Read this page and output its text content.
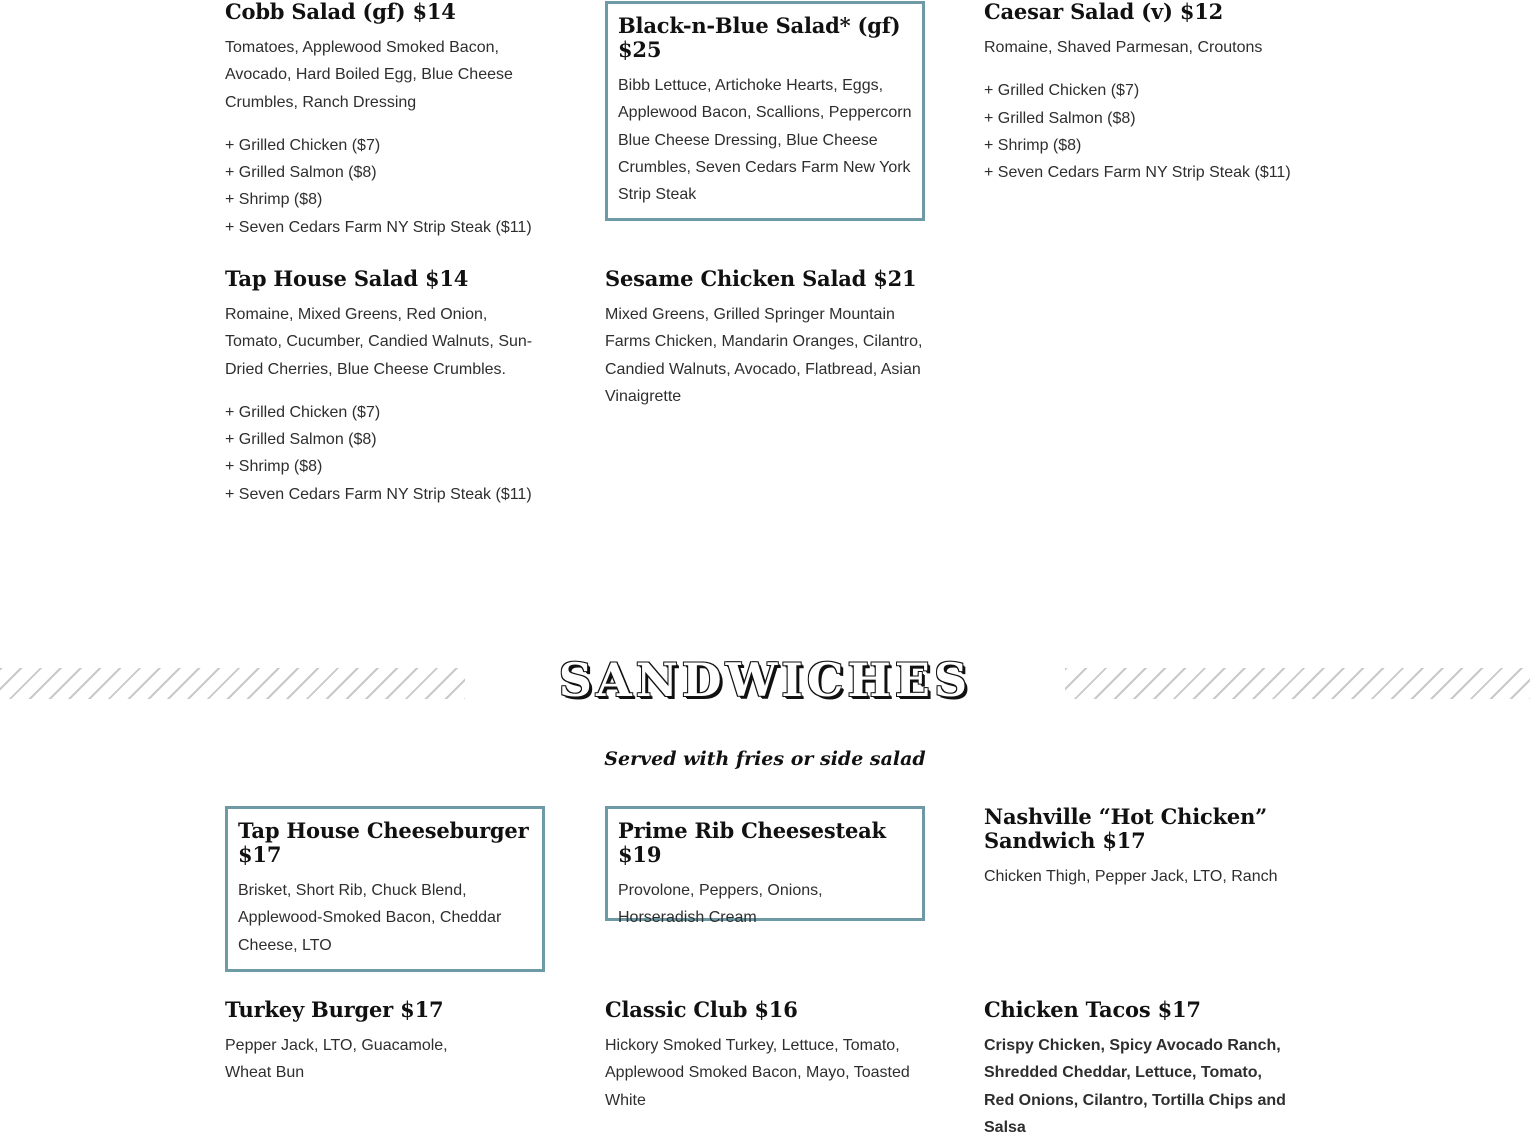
Cobb Salad (gf) $14

Tomatoes, Applewood Smoked Bacon, Avocado, Hard Boiled Egg, Blue Cheese Crumbles, Ranch Dressing

+ Grilled Chicken ($7)
+ Grilled Salmon ($8)
+ Shrimp ($8)
+ Seven Cedars Farm NY Strip Steak ($11)
Black-n-Blue Salad* (gf) $25

Bibb Lettuce, Artichoke Hearts, Eggs, Applewood Bacon, Scallions, Peppercorn Blue Cheese Dressing, Blue Cheese Crumbles, Seven Cedars Farm New York Strip Steak

Caesar Salad (v) $12

Romaine, Shaved Parmesan, Croutons

+ Grilled Chicken ($7)
+ Grilled Salmon ($8)
+ Shrimp ($8)
+ Seven Cedars Farm NY Strip Steak ($11)
Tap House Salad $14

Romaine, Mixed Greens, Red Onion, Tomato, Cucumber, Candied Walnuts, Sun-Dried Cherries, Blue Cheese Crumbles.

+ Grilled Chicken ($7)
+ Grilled Salmon ($8)
+ Shrimp ($8)
+ Seven Cedars Farm NY Strip Steak ($11)
Sesame Chicken Salad $21

Mixed Greens, Grilled Springer Mountain Farms Chicken, Mandarin Oranges, Cilantro, Candied Walnuts, Avocado, Flatbread, Asian Vinaigrette

SANDWICHES
Served with fries or side salad
Tap House Cheeseburger $17

Brisket, Short Rib, Chuck Blend, Applewood-Smoked Bacon, Cheddar Cheese, LTO

Prime Rib Cheesesteak $19

Provolone, Peppers, Onions, Horseradish Cream

Nashville “Hot Chicken” Sandwich $17

Chicken Thigh, Pepper Jack, LTO, Ranch

Turkey Burger $17

Pepper Jack, LTO, Guacamole, Wheat Bun

Classic Club $16

Hickory Smoked Turkey, Lettuce, Tomato, Applewood Smoked Bacon, Mayo, Toasted White

Chicken Tacos $17

Crispy Chicken, Spicy Avocado Ranch, Shredded Cheddar, Lettuce, Tomato, Red Onions, Cilantro, Tortilla Chips and Salsa
